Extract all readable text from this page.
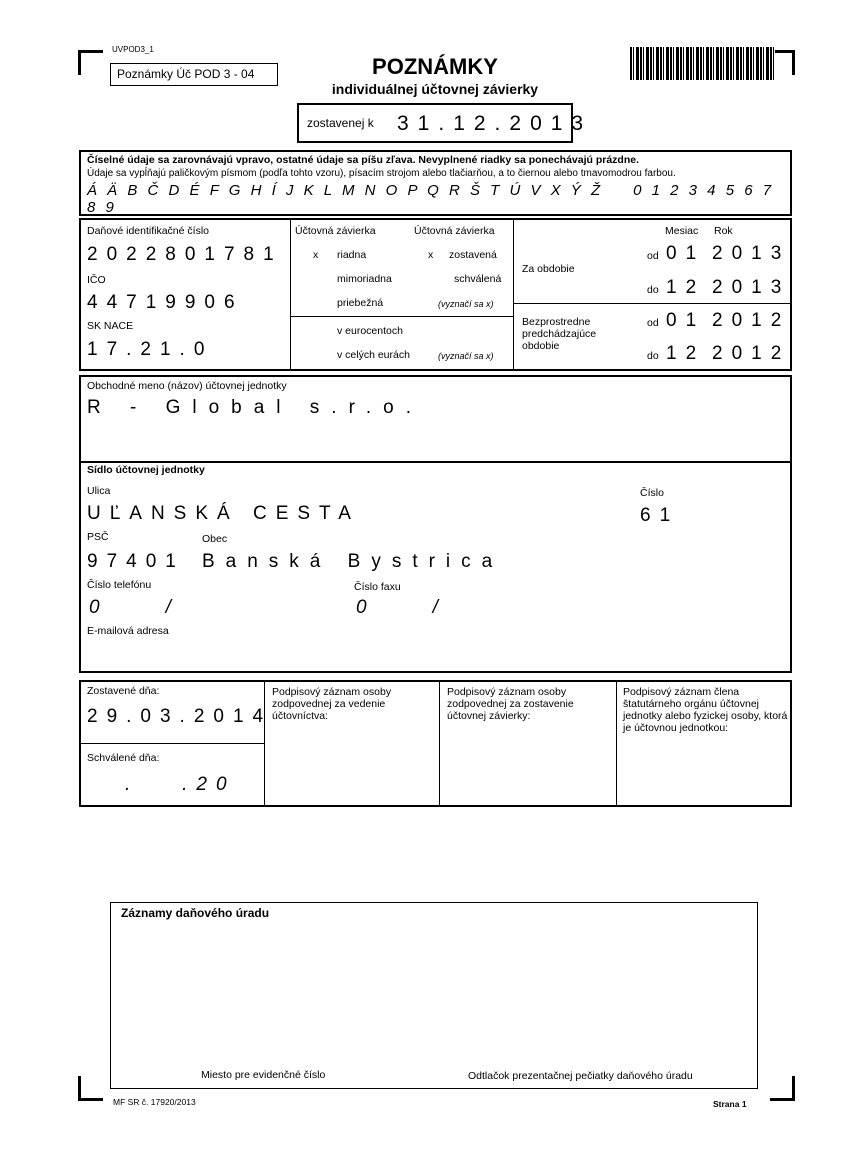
UVPOD3_1
Poznámky Úč POD 3 - 04	POZNÁMKY
individuálnej účtovnej závierky
zostavenej k 31.12.2013
Číselné údaje sa zarovnávajú vpravo, ostatné údaje sa píšu zľava. Nevyplnené riadky sa ponechávajú prázdne.
Údaje sa vypĺňajú paličkovým písmom (podľa tohto vzoru), písacím strojom alebo tlačiarňou, a to čiernou alebo tmavomodrou farbou.
Á Ä B Č D É F G H Í J K L M N O P Q R Š T Ú V X Ý Ž 0 1 2 3 4 5 6 7 8 9
Daňové identifikačné číslo
2022801781
IČO
44719906
SK NACE
17.21.0
Účtovná závierka	Účtovná závierka
x riadna
mimoriadna
priebežná
x zostavená
schválená
(vyznačí sa x)
v eurocentoch
v celých eurách	(vyznačí sa x)
Mesiac Rok
Za obdobie
Bezprostredne predchádzajúce obdobie
od 01 2013
do 12 2013
od 01 2012
do 12 2012
Obchodné meno (názov) účtovnej jednotky
R - Global s.r.o.
Sídlo účtovnej jednotky
Ulica
UĽANSKÁ CESTA
Číslo
61
PSČ	Obec
97401 Banská Bystrica
Číslo telefónu
0    /
Číslo faxu
0    /
E-mailová adresa
Zostavené dňa:
29.03.2014
Schválené dňa:
.   .20
Podpisový záznam osoby zodpovednej za vedenie účtovníctva:
Podpisový záznam osoby zodpovednej za zostavenie účtovnej závierky:
Podpisový záznam člena štatutárneho orgánu účtovnej jednotky alebo fyzickej osoby, ktorá je účtovnou jednotkou:
Záznamy daňového úradu
Miesto pre evidenčné číslo	Odtlačok prezentačnej pečiatky daňového úradu
MF SR č. 17920/2013	Strana 1
